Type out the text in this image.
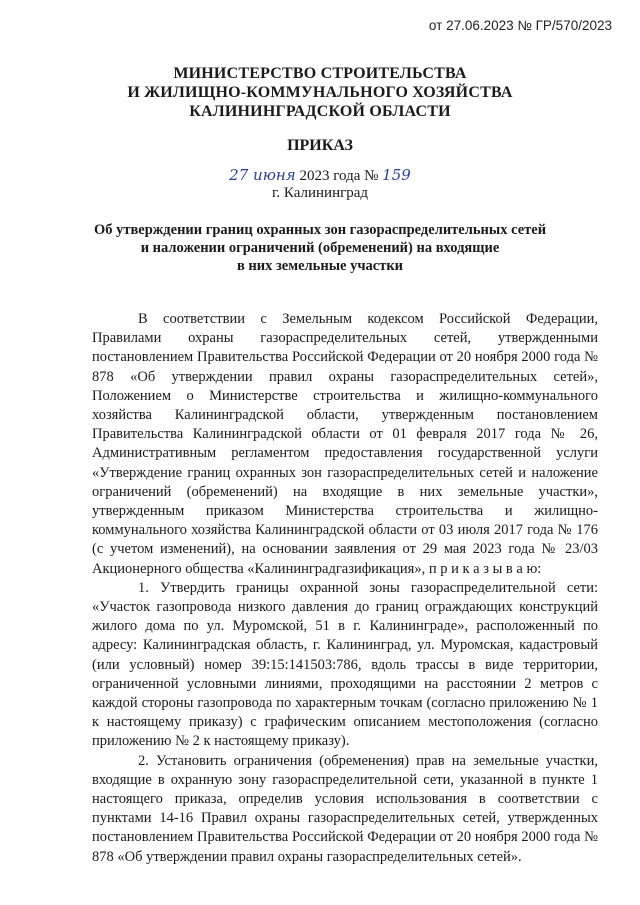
от 27.06.2023 № ГР/570/2023
МИНИСТЕРСТВО СТРОИТЕЛЬСТВА
И ЖИЛИЩНО-КОММУНАЛЬНОГО ХОЗЯЙСТВА
КАЛИНИНГРАДСКОЙ ОБЛАСТИ
ПРИКАЗ
27 июня 2023 года № 159
г. Калининград
Об утверждении границ охранных зон газораспределительных сетей
и наложении ограничений (обременений) на входящие
в них земельные участки

В соответствии с Земельным кодексом Российской Федерации, Правилами охраны газораспределительных сетей, утвержденными постановлением Правительства Российской Федерации от 20 ноября 2000 года № 878 «Об утверждении правил охраны газораспределительных сетей», Положением о Министерстве строительства и жилищно-коммунального хозяйства Калининградской области, утвержденным постановлением Правительства Калининградской области от 01 февраля 2017 года № 26, Административным регламентом предоставления государственной услуги «Утверждение границ охранных зон газораспределительных сетей и наложение ограничений (обременений) на входящие в них земельные участки», утвержденным приказом Министерства строительства и жилищно-коммунального хозяйства Калининградской области от 03 июля 2017 года № 176 (с учетом изменений), на основании заявления от 29 мая 2023 года № 23/03 Акционерного общества «Калининградгазификация», п р и к а з ы в а ю:

1. Утвердить границы охранной зоны газораспределительной сети: «Участок газопровода низкого давления до границ ограждающих конструкций жилого дома по ул. Муромской, 51 в г. Калининграде», расположенный по адресу: Калининградская область, г. Калининград, ул. Муромская, кадастровый (или условный) номер 39:15:141503:786, вдоль трассы в виде территории, ограниченной условными линиями, проходящими на расстоянии 2 метров с каждой стороны газопровода по характерным точкам (согласно приложению № 1 к настоящему приказу) с графическим описанием местоположения (согласно приложению № 2 к настоящему приказу).

2. Установить ограничения (обременения) прав на земельные участки, входящие в охранную зону газораспределительной сети, указанной в пункте 1 настоящего приказа, определив условия использования в соответствии с пунктами 14-16 Правил охраны газораспределительных сетей, утвержденных постановлением Правительства Российской Федерации от 20 ноября 2000 года № 878 «Об утверждении правил охраны газораспределительных сетей».
